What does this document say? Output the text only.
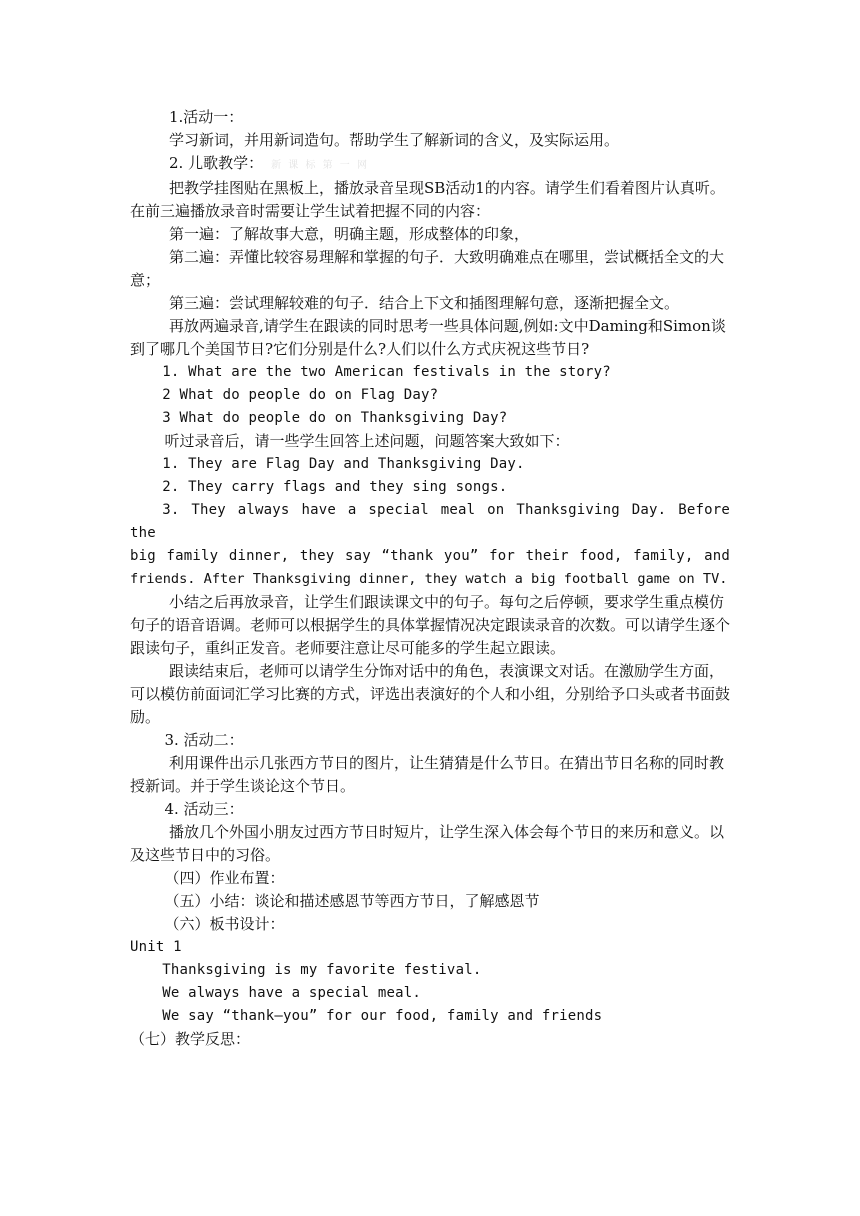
1.活动一：

学习新词，并用新词造句。帮助学生了解新词的含义，及实际运用。

2. 儿歌教学： 新 课 标 第 一 网

把教学挂图贴在黑板上，播放录音呈现SB活动1的内容。请学生们看着图片认真听。在前三遍播放录音时需要让学生试着把握不同的内容：

第一遍：了解故事大意，明确主题，形成整体的印象，

第二遍：弄懂比较容易理解和掌握的句子．大致明确难点在哪里，尝试概括全文的大意；

第三遍：尝试理解较难的句子．结合上下文和插图理解句意，逐渐把握全文。

再放两遍录音,请学生在跟读的同时思考一些具体问题,例如:文中Daming和Simon谈到了哪几个美国节日?它们分别是什么?人们以什么方式庆祝这些节日?

1. What are the two American festivals in the story?

2 What do people do on Flag Day?

3 What do people do on Thanksgiving Day?

听过录音后，请一些学生回答上述问题，问题答案大致如下：

1. They are Flag Day and Thanksgiving Day.

2. They carry flags and they sing songs.

3. They always have a special meal on Thanksgiving Day. Before the

big family dinner, they say “thank you” for their food, family, and

friends. After Thanksgiving dinner, they watch a big football game on TV.

小结之后再放录音，让学生们跟读课文中的句子。每句之后停顿，要求学生重点模仿句子的语音语调。老师可以根据学生的具体掌握情况决定跟读录音的次数。可以请学生逐个跟读句子，重纠正发音。老师要注意让尽可能多的学生起立跟读。

跟读结束后，老师可以请学生分饰对话中的角色，表演课文对话。在激励学生方面，可以模仿前面词汇学习比赛的方式，评选出表演好的个人和小组，分别给予口头或者书面鼓励。

3. 活动二：

利用课件出示几张西方节日的图片，让生猜猜是什么节日。在猜出节日名称的同时教授新词。并于学生谈论这个节日。

4. 活动三：

播放几个外国小朋友过西方节日时短片，让学生深入体会每个节日的来历和意义。以及这些节日中的习俗。

（四）作业布置：

（五）小结：谈论和描述感恩节等西方节日，了解感恩节

（六）板书设计：

Unit 1

Thanksgiving is my favorite festival.

We always have a special meal.

We say “thank—you” for our food, family and friends

（七）教学反思：
